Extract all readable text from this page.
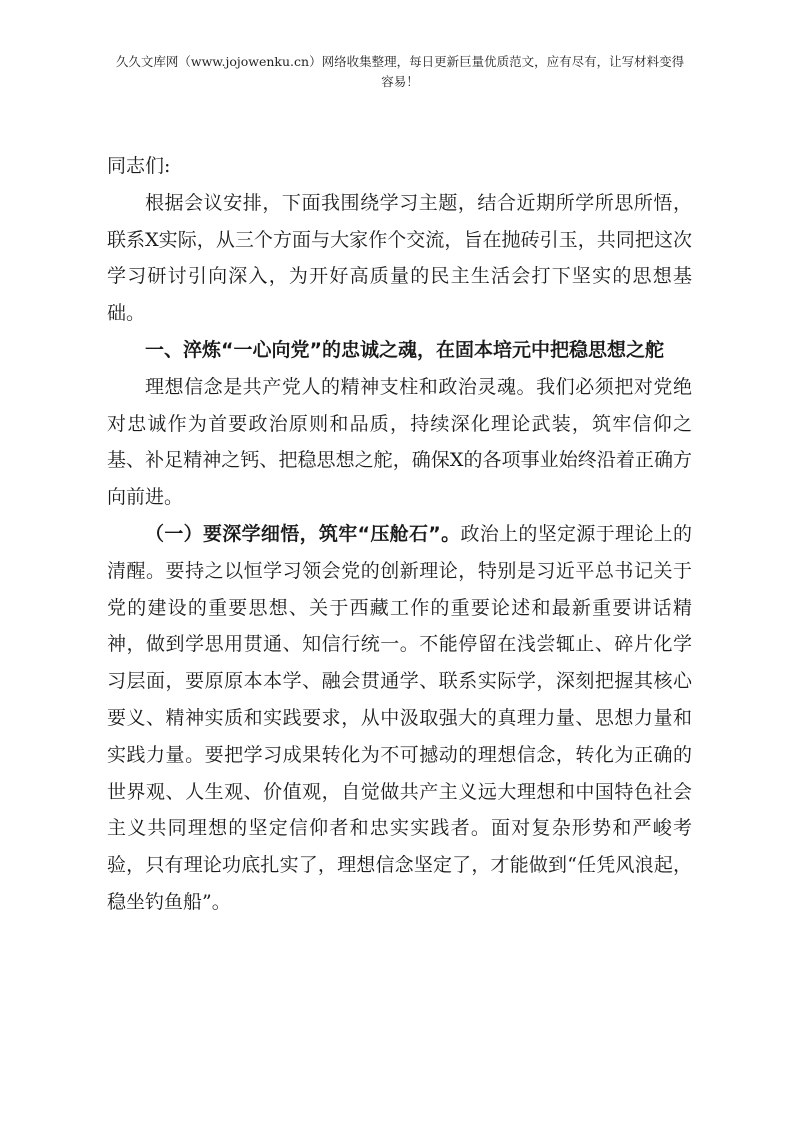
久久文库网（www.jojowenku.cn）网络收集整理，每日更新巨量优质范文，应有尽有，让写材料变得
容易！

同志们:

根据会议安排，下面我围绕学习主题，结合近期所学所思所悟，联系X实际，从三个方面与大家作个交流，旨在抛砖引玉，共同把这次学习研讨引向深入，为开好高质量的民主生活会打下坚实的思想基础。

一、淬炼“一心向党”的忠诚之魂，在固本培元中把稳思想之舵

理想信念是共产党人的精神支柱和政治灵魂。我们必须把对党绝对忠诚作为首要政治原则和品质，持续深化理论武装，筑牢信仰之基、补足精神之钙、把稳思想之舵，确保X的各项事业始终沿着正确方向前进。

（一）要深学细悟，筑牢“压舱石”。政治上的坚定源于理论上的清醒。要持之以恒学习领会党的创新理论，特别是习近平总书记关于党的建设的重要思想、关于西藏工作的重要论述和最新重要讲话精神，做到学思用贯通、知信行统一。不能停留在浅尝辄止、碎片化学习层面，要原原本本学、融会贯通学、联系实际学，深刻把握其核心要义、精神实质和实践要求，从中汲取强大的真理力量、思想力量和实践力量。要把学习成果转化为不可撼动的理想信念，转化为正确的世界观、人生观、价值观，自觉做共产主义远大理想和中国特色社会主义共同理想的坚定信仰者和忠实实践者。面对复杂形势和严峻考验，只有理论功底扎实了，理想信念坚定了，才能做到“任凭风浪起，稳坐钓鱼船”。
